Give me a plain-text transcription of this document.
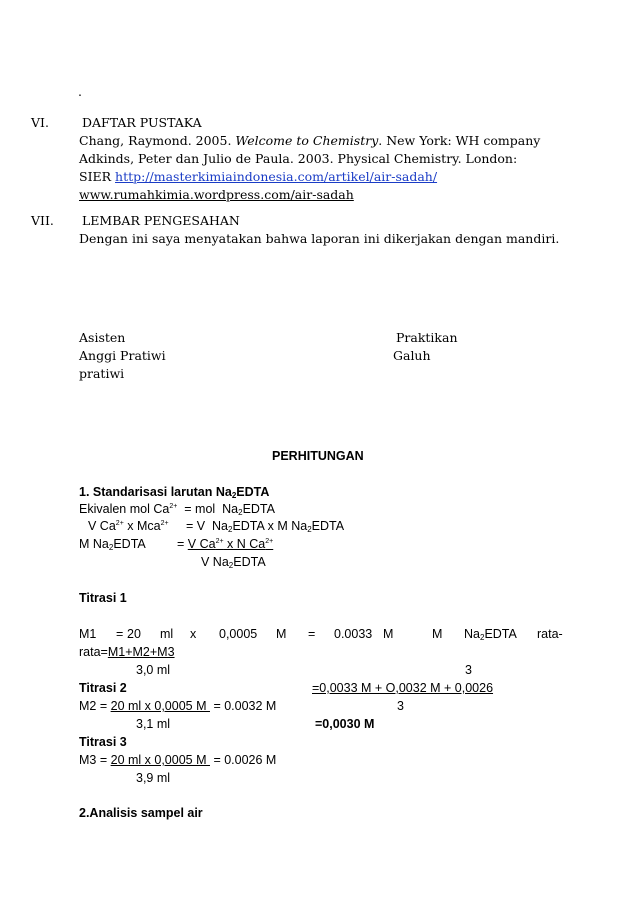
.
VI.	DAFTAR PUSTAKA
Chang, Raymond. 2005. Welcome to Chemistry. New York: WH company
Adkinds, Peter dan Julio de Paula. 2003. Physical Chemistry. London:
SIER http://masterkimiaindonesia.com/artikel/air-sadah/
www.rumahkimia.wordpress.com/air-sadah
VII. LEMBAR PENGESAHAN
Dengan ini saya menyatakan bahwa laporan ini dikerjakan dengan mandiri.
Asisten
Anggi Pratiwi
pratiwi
Praktikan
Galuh
PERHITUNGAN
1. Standarisasi larutan $Na_2EDTA$
Ekivalen mol $Ca^{2+}$  = mol  $Na_2EDTA$
V $Ca^{2+}$ x Mca$^{2+}$     = V  $Na_2EDTA$ x M $Na_2EDTA$
M $Na_2EDTA$	= V $Ca^{2+}$ x N $Ca^{2+}$
V $Na_2EDTA$
Titrasi 1
M1 = 20 ml x 0,0005 M = 0.0033 M	M $Na_2EDTA$ rata-
rata=M1+M2+M3
3,0 ml	3
Titrasi 2	=0,0033 M + O,0032 M + 0,0026
M2 = 20 ml x 0,0005 M  = 0.0032 M	3
3,1 ml	=0,0030 M
Titrasi 3
M3 = 20 ml x 0,0005 M  = 0.0026 M
3,9 ml
2.Analisis sampel air
